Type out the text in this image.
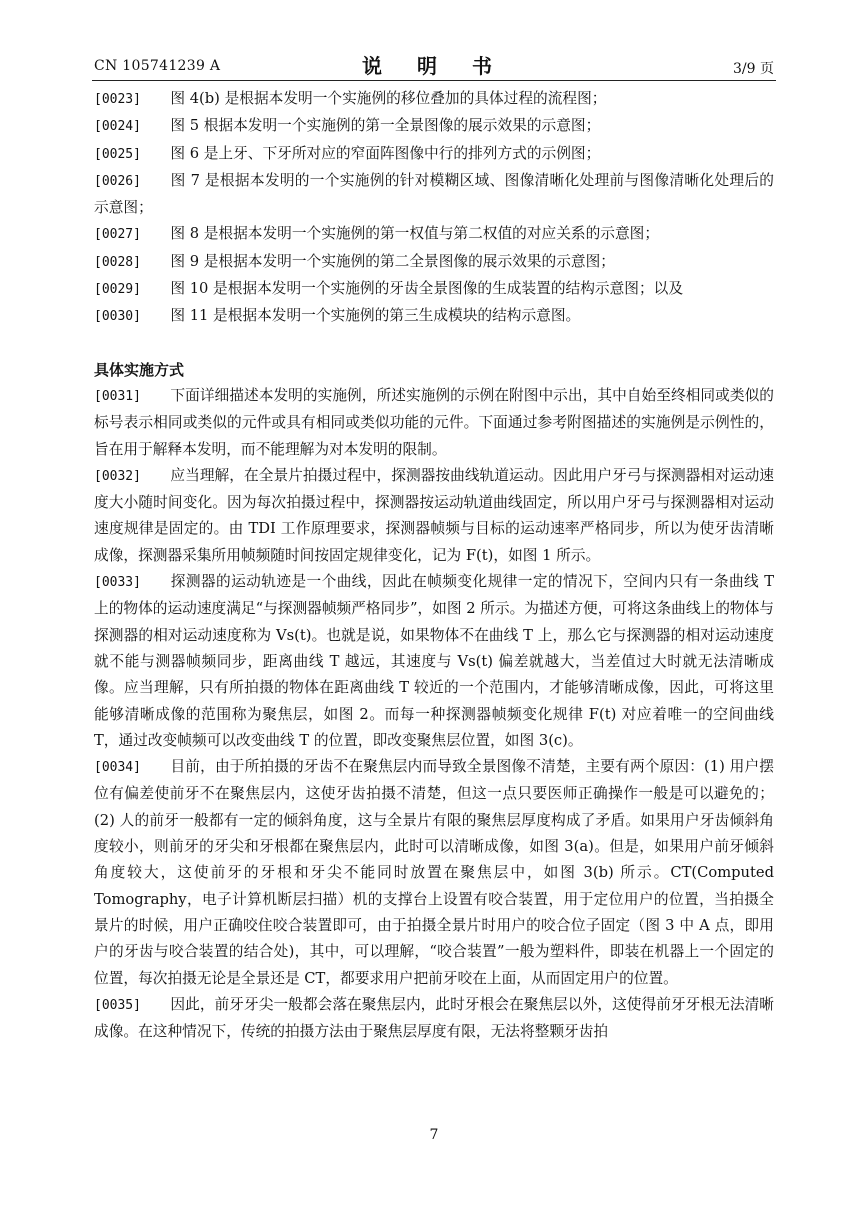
CN 105741239 A	说 明 书	3/9 页
[0023]   图 4(b) 是根据本发明一个实施例的移位叠加的具体过程的流程图；
[0024]   图 5 根据本发明一个实施例的第一全景图像的展示效果的示意图；
[0025]   图 6 是上牙、下牙所对应的窄面阵图像中行的排列方式的示例图；
[0026]   图 7 是根据本发明的一个实施例的针对模糊区域、图像清晰化处理前与图像清晰化处理后的示意图；
[0027]   图 8 是根据本发明一个实施例的第一权值与第二权值的对应关系的示意图；
[0028]   图 9 是根据本发明一个实施例的第二全景图像的展示效果的示意图；
[0029]   图 10 是根据本发明一个实施例的牙齿全景图像的生成装置的结构示意图；以及
[0030]   图 11 是根据本发明一个实施例的第三生成模块的结构示意图。
具体实施方式
[0031]   下面详细描述本发明的实施例，所述实施例的示例在附图中示出，其中自始至终相同或类似的标号表示相同或类似的元件或具有相同或类似功能的元件。下面通过参考附图描述的实施例是示例性的，旨在用于解释本发明，而不能理解为对本发明的限制。
[0032]   应当理解，在全景片拍摄过程中，探测器按曲线轨道运动。因此用户牙弓与探测器相对运动速度大小随时间变化。因为每次拍摄过程中，探测器按运动轨道曲线固定，所以用户牙弓与探测器相对运动速度规律是固定的。由 TDI 工作原理要求，探测器帧频与目标的运动速率严格同步，所以为使牙齿清晰成像，探测器采集所用帧频随时间按固定规律变化，记为 F(t)，如图 1 所示。
[0033]   探测器的运动轨迹是一个曲线，因此在帧频变化规律一定的情况下，空间内只有一条曲线 T 上的物体的运动速度满足“与探测器帧频严格同步”，如图 2 所示。为描述方便，可将这条曲线上的物体与探测器的相对运动速度称为 Vs(t)。也就是说，如果物体不在曲线 T 上，那么它与探测器的相对运动速度就不能与测器帧频同步，距离曲线 T 越远，其速度与 Vs(t) 偏差就越大，当差值过大时就无法清晰成像。应当理解，只有所拍摄的物体在距离曲线 T 较近的一个范围内，才能够清晰成像，因此，可将这里能够清晰成像的范围称为聚焦层，如图 2。而每一种探测器帧频变化规律 F(t) 对应着唯一的空间曲线 T，通过改变帧频可以改变曲线 T 的位置，即改变聚焦层位置，如图 3(c)。
[0034]   目前，由于所拍摄的牙齿不在聚焦层内而导致全景图像不清楚，主要有两个原因：(1) 用户摆位有偏差使前牙不在聚焦层内，这使牙齿拍摄不清楚，但这一点只要医师正确操作一般是可以避免的；(2) 人的前牙一般都有一定的倾斜角度，这与全景片有限的聚焦层厚度构成了矛盾。如果用户牙齿倾斜角度较小，则前牙的牙尖和牙根都在聚焦层内，此时可以清晰成像，如图 3(a)。但是，如果用户前牙倾斜角度较大，这使前牙的牙根和牙尖不能同时放置在聚焦层中，如图 3(b) 所示。CT(Computed Tomography，电子计算机断层扫描）机的支撑台上设置有咬合装置，用于定位用户的位置，当拍摄全景片的时候，用户正确咬住咬合装置即可，由于拍摄全景片时用户的咬合位子固定（图 3 中 A 点，即用户的牙齿与咬合装置的结合处)，其中，可以理解，“咬合装置”一般为塑料件，即装在机器上一个固定的位置，每次拍摄无论是全景还是 CT，都要求用户把前牙咬在上面，从而固定用户的位置。
[0035]   因此，前牙牙尖一般都会落在聚焦层内，此时牙根会在聚焦层以外，这使得前牙牙根无法清晰成像。在这种情况下，传统的拍摄方法由于聚焦层厚度有限，无法将整颗牙齿拍
7
